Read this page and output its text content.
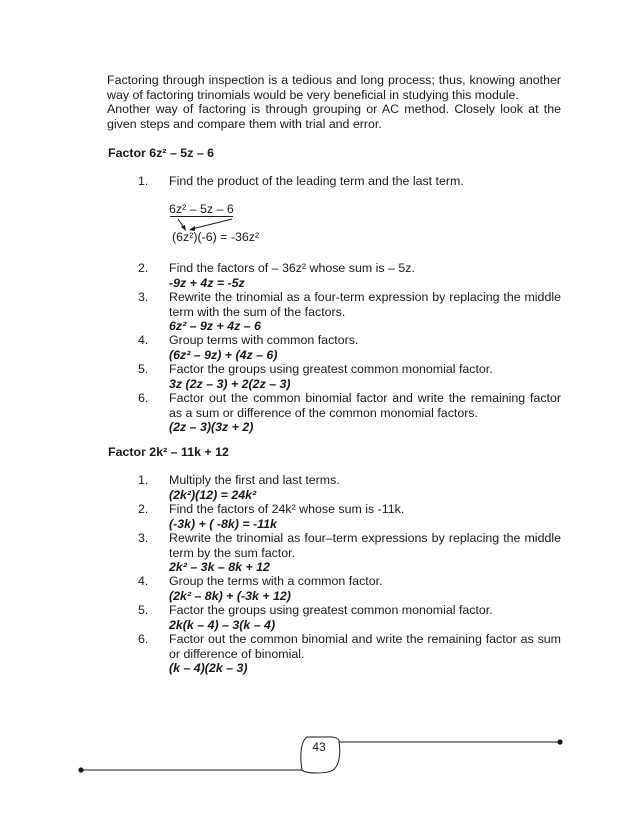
Factoring through inspection is a tedious and long process; thus, knowing another way of factoring trinomials would be very beneficial in studying this module.
Another way of factoring is through grouping or AC method. Closely look at the given steps and compare them with trial and error.
Factor 6z² – 5z – 6
1. Find the product of the leading term and the last term.
6z² – 5z – 6
(6z²)(-6) = -36z²
2. Find the factors of – 36z² whose sum is – 5z.
-9z + 4z = -5z
3. Rewrite the trinomial as a four-term expression by replacing the middle term with the sum of the factors.
6z² – 9z + 4z – 6
4. Group terms with common factors.
(6z² – 9z) + (4z – 6)
5. Factor the groups using greatest common monomial factor.
3z (2z – 3) + 2(2z – 3)
6. Factor out the common binomial factor and write the remaining factor as a sum or difference of the common monomial factors.
(2z – 3)(3z + 2)
Factor 2k² – 11k + 12
1. Multiply the first and last terms.
(2k²)(12) = 24k²
2. Find the factors of 24k² whose sum is -11k.
(-3k) + ( -8k) = -11k
3. Rewrite the trinomial as four–term expressions by replacing the middle term by the sum factor.
2k² – 3k – 8k + 12
4. Group the terms with a common factor.
(2k² – 8k) + (-3k + 12)
5. Factor the groups using greatest common monomial factor.
2k(k – 4) – 3(k – 4)
6. Factor out the common binomial and write the remaining factor as sum or difference of binomial.
(k – 4)(2k – 3)
43
